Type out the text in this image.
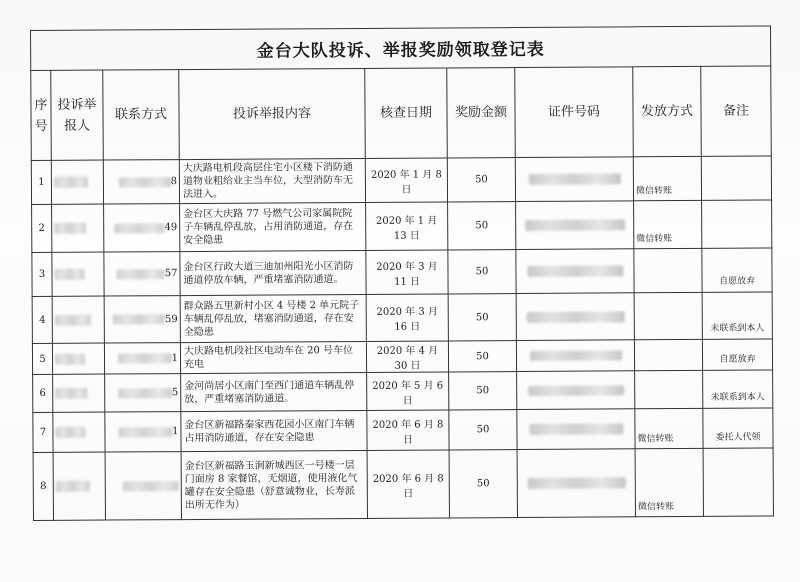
金台大队投诉、举报奖励领取登记表								
序号	投诉举报人	联系方式	投诉举报内容	核查日期	奖励金额	证件号码	发放方式	备注
1		8	大庆路电机段高层住宅小区楼下消防通道物业粗给业主当车位，大型消防车无法进入。	2020 年 1 月 8 日	50		微信转账	
2		49	金台区大庆路 77 号燃气公司家属院院子车辆乱停乱放，占用消防通道，存在安全隐患	2020 年 1 月 13 日	50		微信转账	
3		57	金台区行政大道三迪加州阳光小区消防通道停放车辆，严重堵塞消防通道。	2020 年 3 月 11 日	50			自愿放弃
4		59	群众路五里新村小区 4 号楼 2 单元院子车辆乱停乱放，堵塞消防通道，存在安全隐患	2020 年 3 月 16 日	50			未联系到本人
5		1	大庆路电机段社区电动车在 20 号车位充电	2020 年 4 月 30 日	50			自愿放弃
6		5	金河尚居小区南门至西门通道车辆乱停放，严重堵塞消防通道。	2020 年 5 月 6 日	50			未联系到本人
7		1	金台区新福路秦家西花园小区南门车辆占用消防通道，存在安全隐患	2020 年 6 月 8 日	50		微信转账	委托人代领
8			金台区新福路玉涧新城西区一号楼一层门面房 8 家餐馆，无烟道，使用液化气罐存在安全隐患（舒意诚物业，长寿派出所无作为）	2020 年 6 月 8 日	50		微信转账	
